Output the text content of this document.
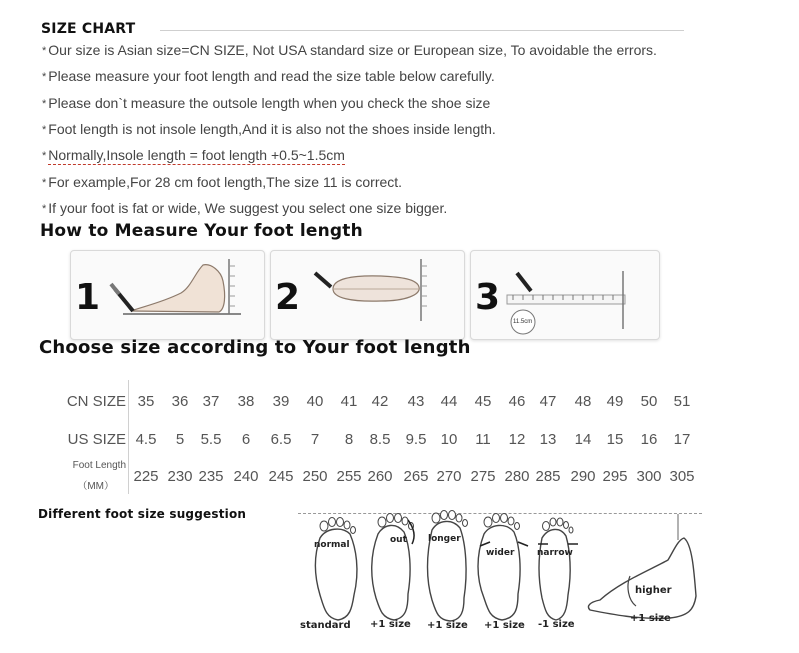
SIZE CHART
* Our size is Asian size=CN SIZE, Not USA standard size or European size, To avoidable the errors.
* Please measure your foot length and read the size table below carefully.
* Please don`t measure the outsole length when you check the shoe size
* Foot length is not insole length,And it is also not the shoes inside length.
* Normally,Insole length = foot length +0.5~1.5cm
* For example,For 28 cm foot length,The size 11 is correct.
* If your foot is fat or wide, We suggest you select one size bigger.
How to Measure Your foot length
1	2	3
11.5cm
Choose size according to Your foot length
CN SIZE
US SIZE
Foot Length
（MM）
35	36 37	38	39	40	41 42	43	44	45	46 47	48	49	50	51
4.5	5	5.5	6	6.5	7	8	8.5	9.5 10	11	12 13	14	15	16	17
225 230 235 240 245 250 255 260 265 270 275 280 285 290 295 300 305
Different foot size suggestion
normal	out longer
wider	narrow
higher
standard +1 size +1 size +1 size -1 size
+1 size
